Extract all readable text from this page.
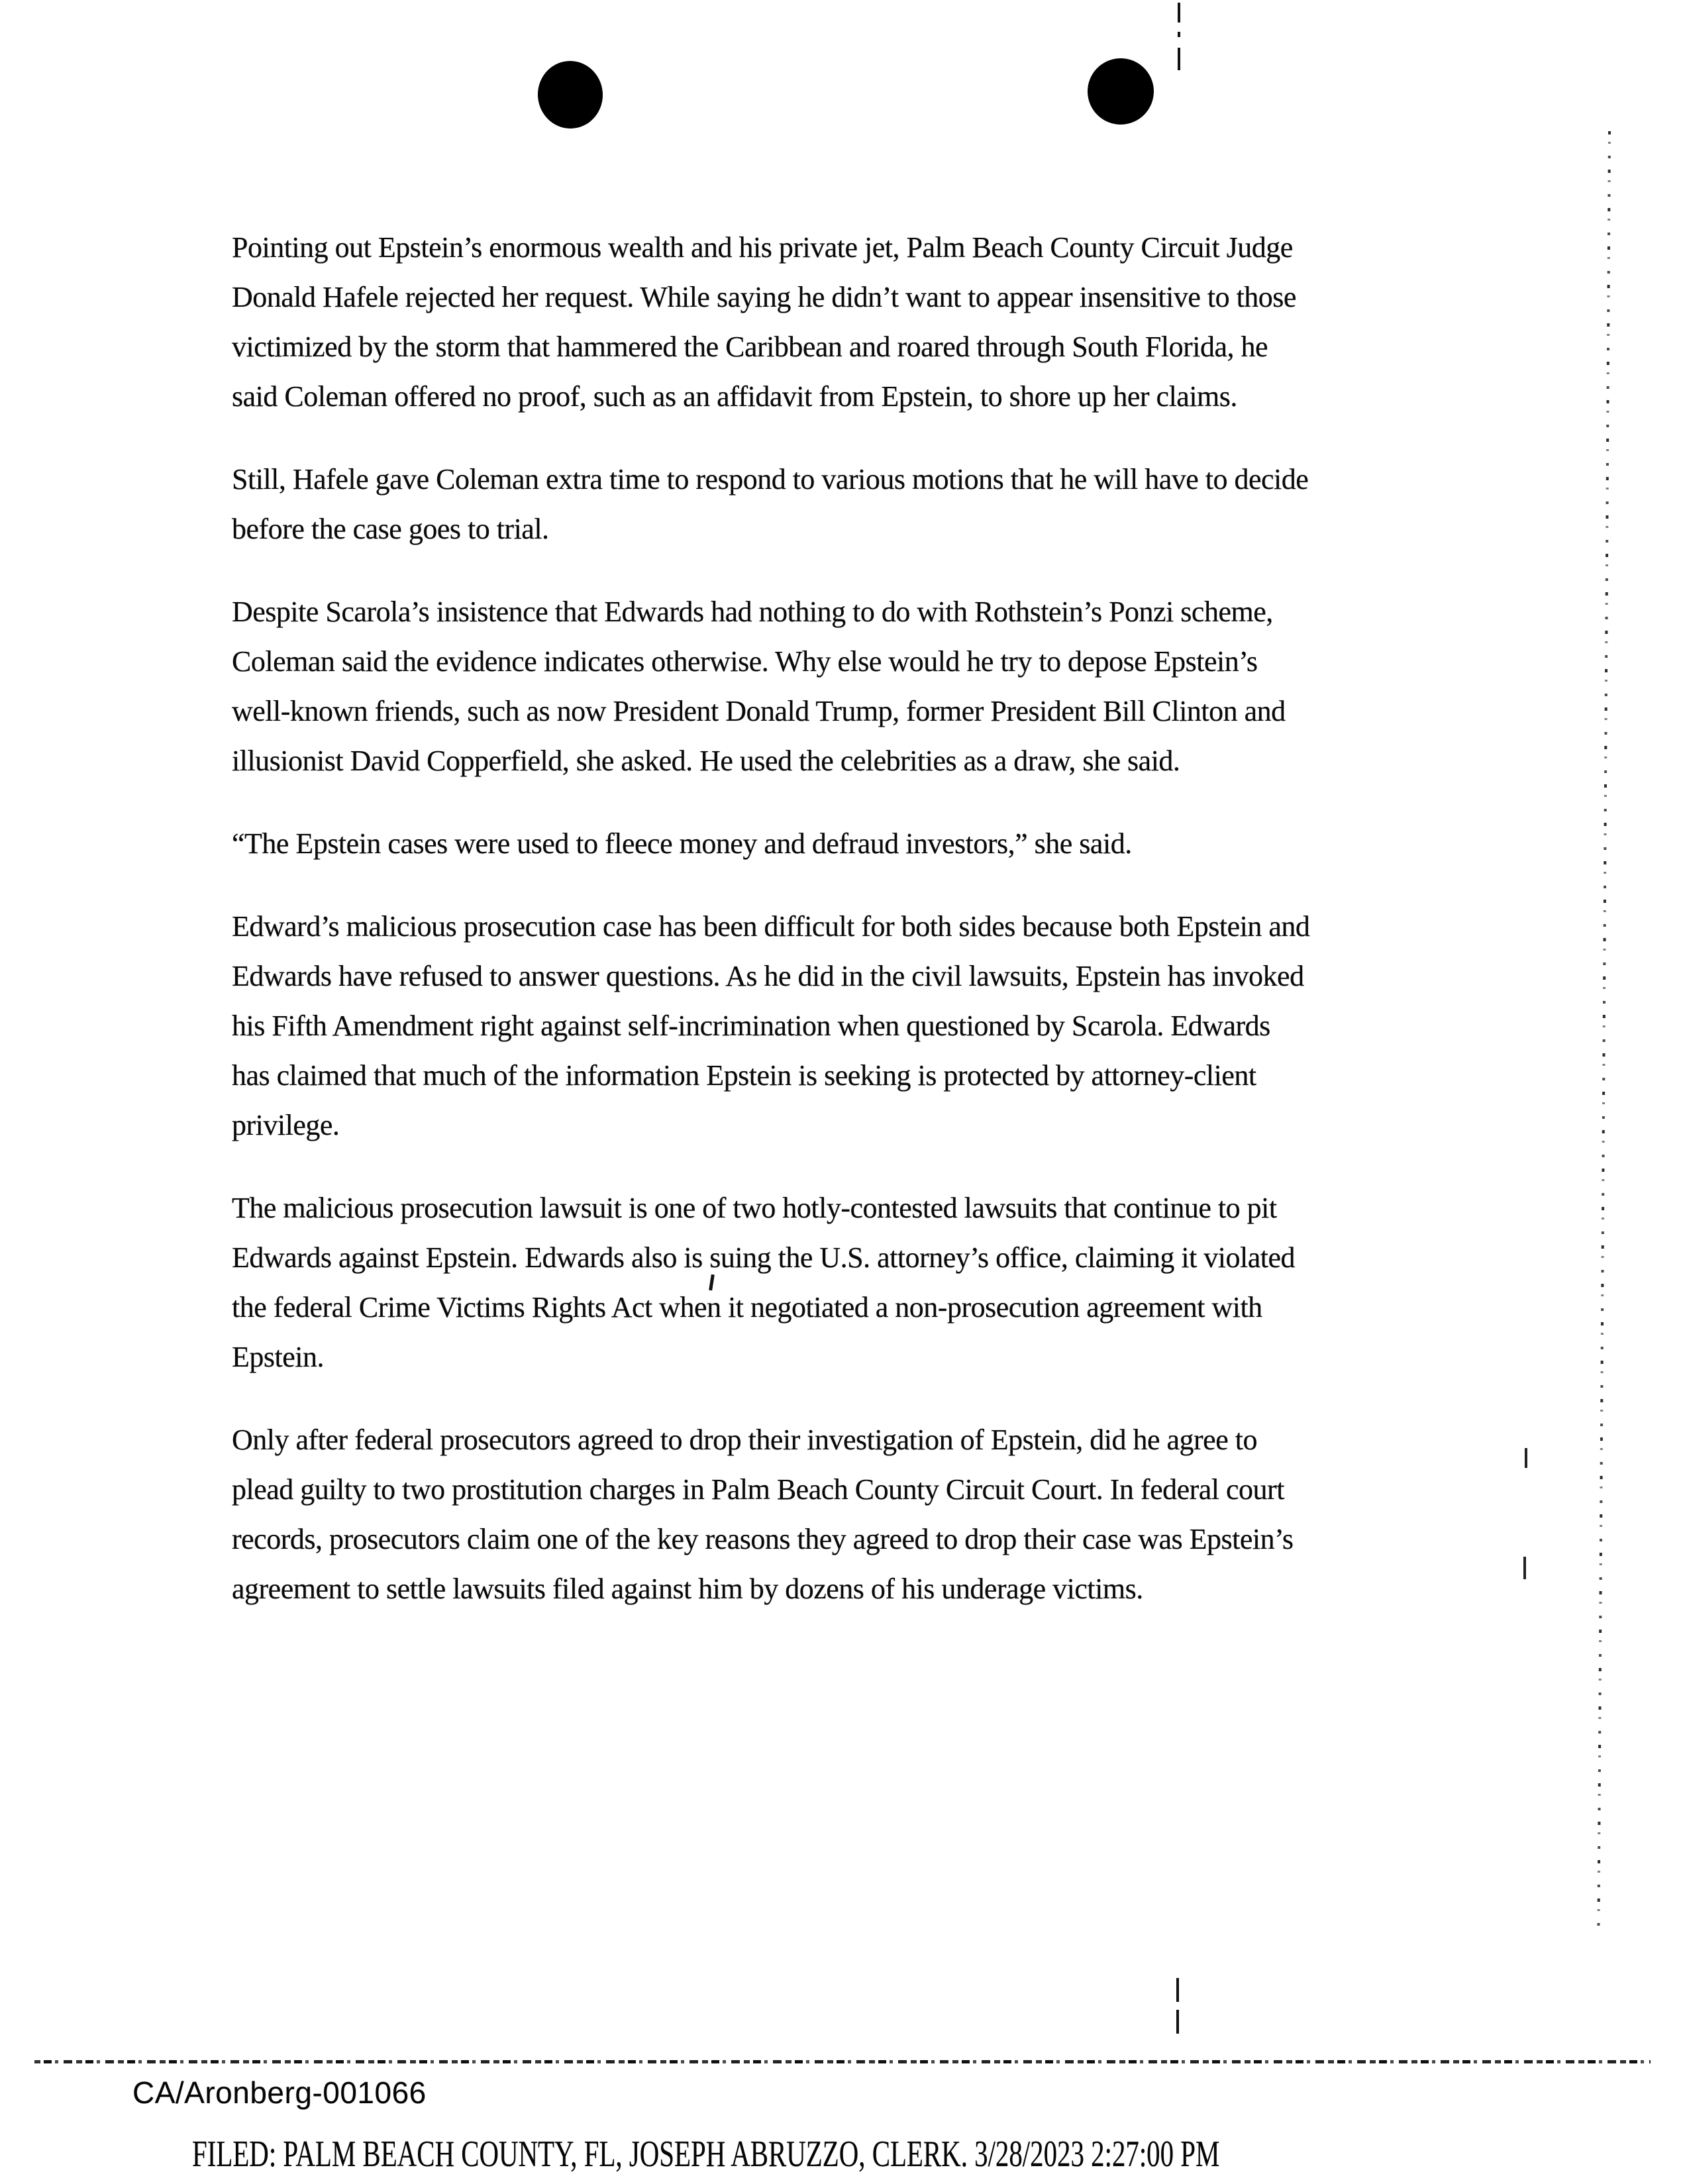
Pointing out Epstein’s enormous wealth and his private jet, Palm Beach County Circuit Judge
Donald Hafele rejected her request. While saying he didn’t want to appear insensitive to those
victimized by the storm that hammered the Caribbean and roared through South Florida, he
said Coleman offered no proof, such as an affidavit from Epstein, to shore up her claims.
Still, Hafele gave Coleman extra time to respond to various motions that he will have to decide
before the case goes to trial.
Despite Scarola’s insistence that Edwards had nothing to do with Rothstein’s Ponzi scheme,
Coleman said the evidence indicates otherwise. Why else would he try to depose Epstein’s
well-known friends, such as now President Donald Trump, former President Bill Clinton and
illusionist David Copperfield, she asked. He used the celebrities as a draw, she said.
“The Epstein cases were used to fleece money and defraud investors,” she said.
Edward’s malicious prosecution case has been difficult for both sides because both Epstein and
Edwards have refused to answer questions. As he did in the civil lawsuits, Epstein has invoked
his Fifth Amendment right against self-incrimination when questioned by Scarola. Edwards
has claimed that much of the information Epstein is seeking is protected by attorney-client
privilege.
The malicious prosecution lawsuit is one of two hotly-contested lawsuits that continue to pit
Edwards against Epstein. Edwards also is suing the U.S. attorney’s office, claiming it violated
the federal Crime Victims Rights Act when it negotiated a non-prosecution agreement with
Epstein.
Only after federal prosecutors agreed to drop their investigation of Epstein, did he agree to
plead guilty to two prostitution charges in Palm Beach County Circuit Court. In federal court
records, prosecutors claim one of the key reasons they agreed to drop their case was Epstein’s
agreement to settle lawsuits filed against him by dozens of his underage victims.
CA/Aronberg-001066
FILED: PALM BEACH COUNTY, FL, JOSEPH ABRUZZO, CLERK. 3/28/2023 2:27:00 PM
